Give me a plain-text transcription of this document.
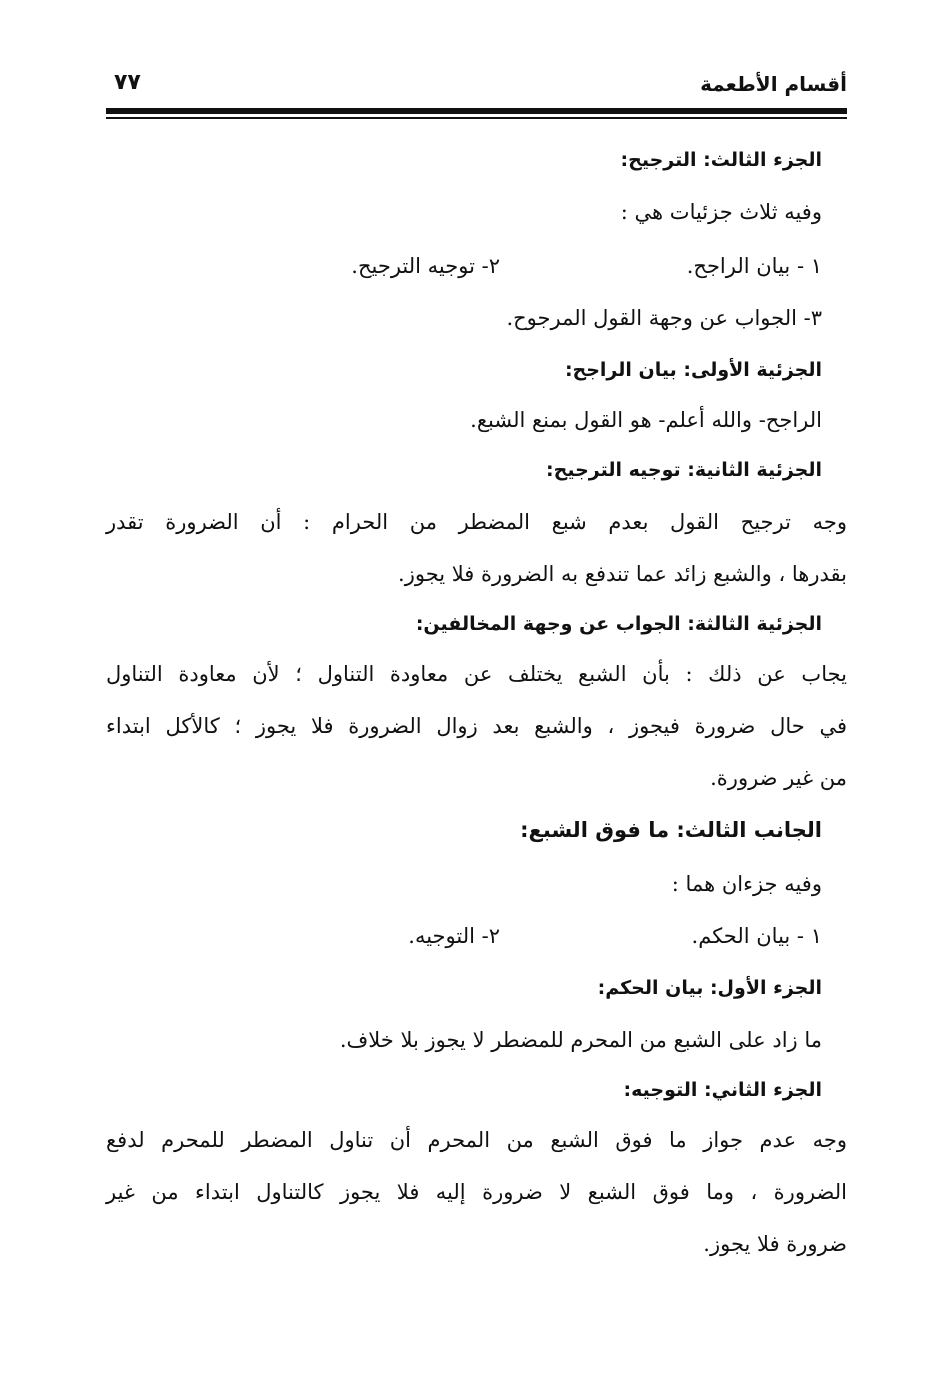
أقسام الأطعمة
٧٧
الجزء الثالث: الترجيح:
وفيه ثلاث جزئيات هي :
١ - بيان الراجح.
٢- توجيه الترجيح.
٣- الجواب عن وجهة القول المرجوح.
الجزئية الأولى: بيان الراجح:
الراجح- والله أعلم- هو القول بمنع الشبع.
الجزئية الثانية: توجيه الترجيح:
وجه ترجيح القول بعدم شبع المضطر من الحرام : أن الضرورة تقدر
بقدرها ، والشبع زائد عما تندفع به الضرورة فلا يجوز.
الجزئية الثالثة: الجواب عن وجهة المخالفين:
يجاب عن ذلك : بأن الشبع يختلف عن معاودة التناول ؛ لأن معاودة التناول
في حال ضرورة فيجوز ، والشبع بعد زوال الضرورة فلا يجوز ؛ كالأكل ابتداء
من غير ضرورة.
الجانب الثالث: ما فوق الشبع:
وفيه جزءان هما :
١ - بيان الحكم.
٢- التوجيه.
الجزء الأول: بيان الحكم:
ما زاد على الشبع من المحرم للمضطر لا يجوز بلا خلاف.
الجزء الثاني: التوجيه:
وجه عدم جواز ما فوق الشبع من المحرم أن تناول المضطر للمحرم لدفع
الضرورة ، وما فوق الشبع لا ضرورة إليه فلا يجوز كالتناول ابتداء من غير
ضرورة فلا يجوز.
